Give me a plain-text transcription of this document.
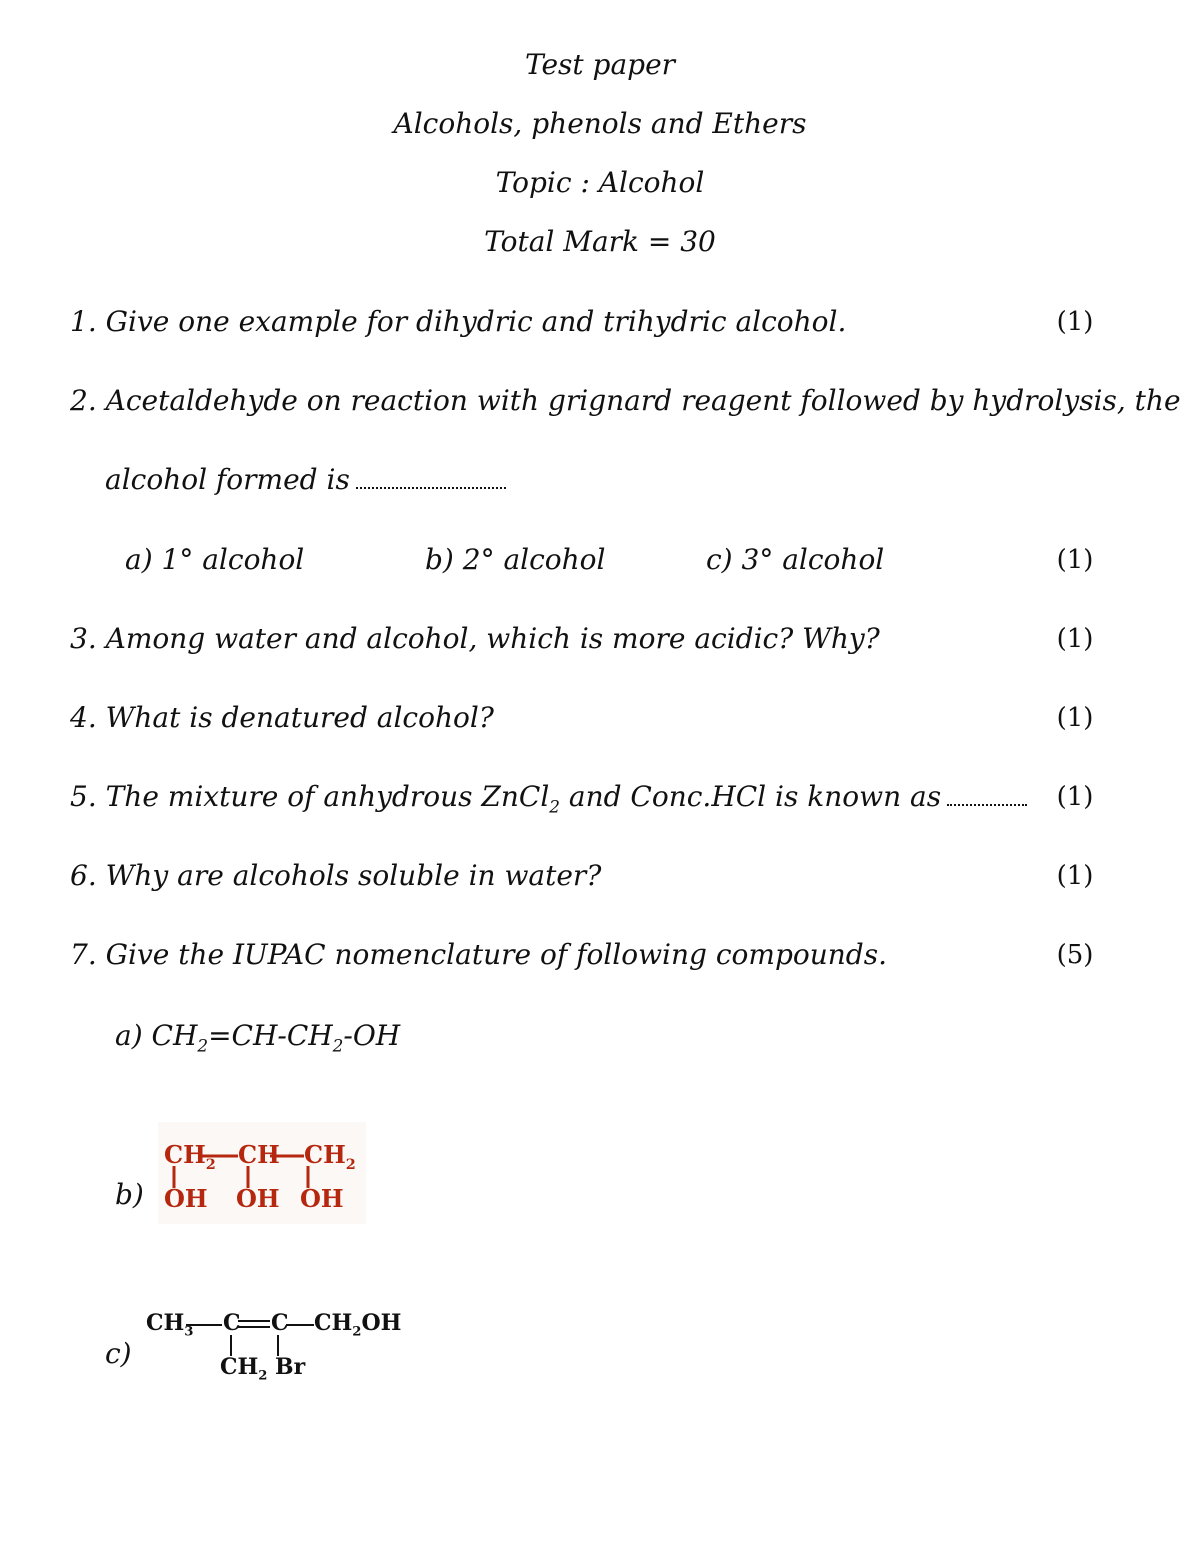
Test paper
Alcohols, phenols and Ethers
Topic : Alcohol
Total Mark = 30
1. Give one example for dihydric and trihydric alcohol.	(1)
2. Acetaldehyde on reaction with grignard reagent followed by hydrolysis, the
alcohol formed is
a) 1° alcohol	b) 2° alcohol	c) 3° alcohol	(1)
3. Among water and alcohol, which is more acidic? Why?	(1)
4. What is denatured alcohol?	(1)
5. The mixture of anhydrous ZnCl$_2$ and Conc.HCl is known as	(1)
6. Why are alcohols soluble in water?	(1)
7. Give the IUPAC nomenclature of following compounds.	(5)
a) $CH_2=CH-CH_2-OH$
b)
$CH_2$ CH $CH_2$
OH OH OH
c)
$CH_3$ C C $CH_2OH$
$CH_2$ Br
